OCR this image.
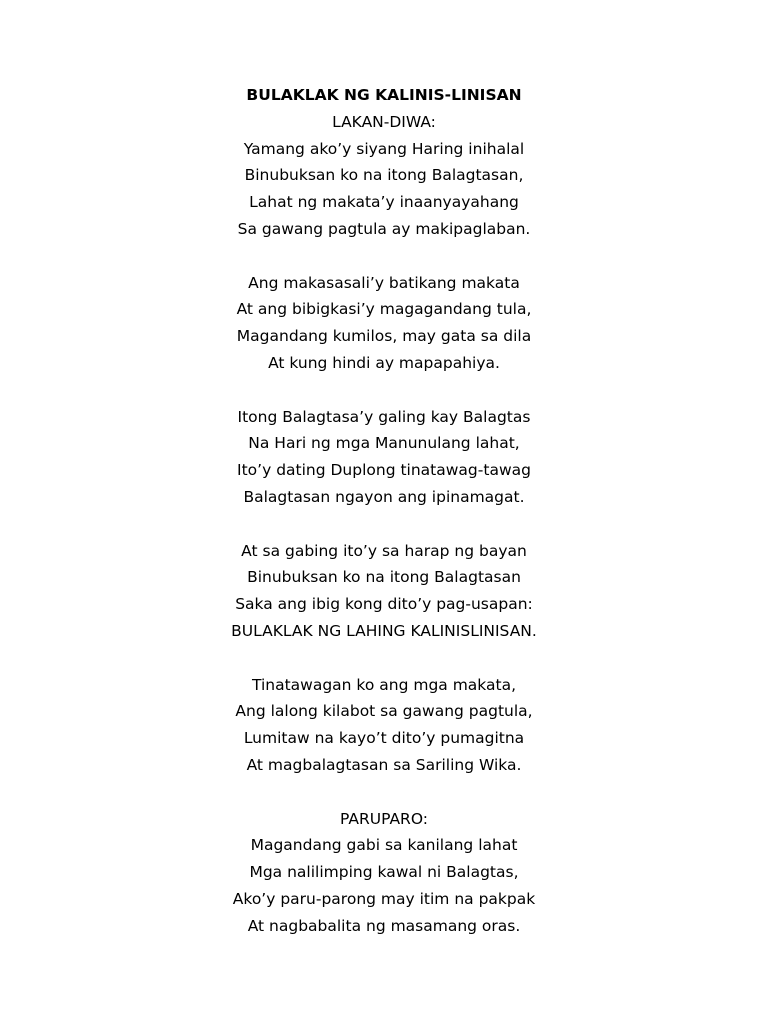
BULAKLAK NG KALINIS-LINISAN
LAKAN-DIWA:
Yamang ako’y siyang Haring inihalal
Binubuksan ko na itong Balagtasan,
Lahat ng makata’y inaanyayahang
Sa gawang pagtula ay makipaglaban.
Ang makasasali’y batikang makata
At ang bibigkasi’y magagandang tula,
Magandang kumilos, may gata sa dila
At kung hindi ay mapapahiya.
Itong Balagtasa’y galing kay Balagtas
Na Hari ng mga Manunulang lahat,
Ito’y dating Duplong tinatawag-tawag
Balagtasan ngayon ang ipinamagat.
At sa gabing ito’y sa harap ng bayan
Binubuksan ko na itong Balagtasan
Saka ang ibig kong dito’y pag-usapan:
BULAKLAK NG LAHING KALINISLINISAN.
Tinatawagan ko ang mga makata,
Ang lalong kilabot sa gawang pagtula,
Lumitaw na kayo’t dito’y pumagitna
At magbalagtasan sa Sariling Wika.
PARUPARO:
Magandang gabi sa kanilang lahat
Mga nalilimping kawal ni Balagtas,
Ako’y paru-parong may itim na pakpak
At nagbabalita ng masamang oras.
